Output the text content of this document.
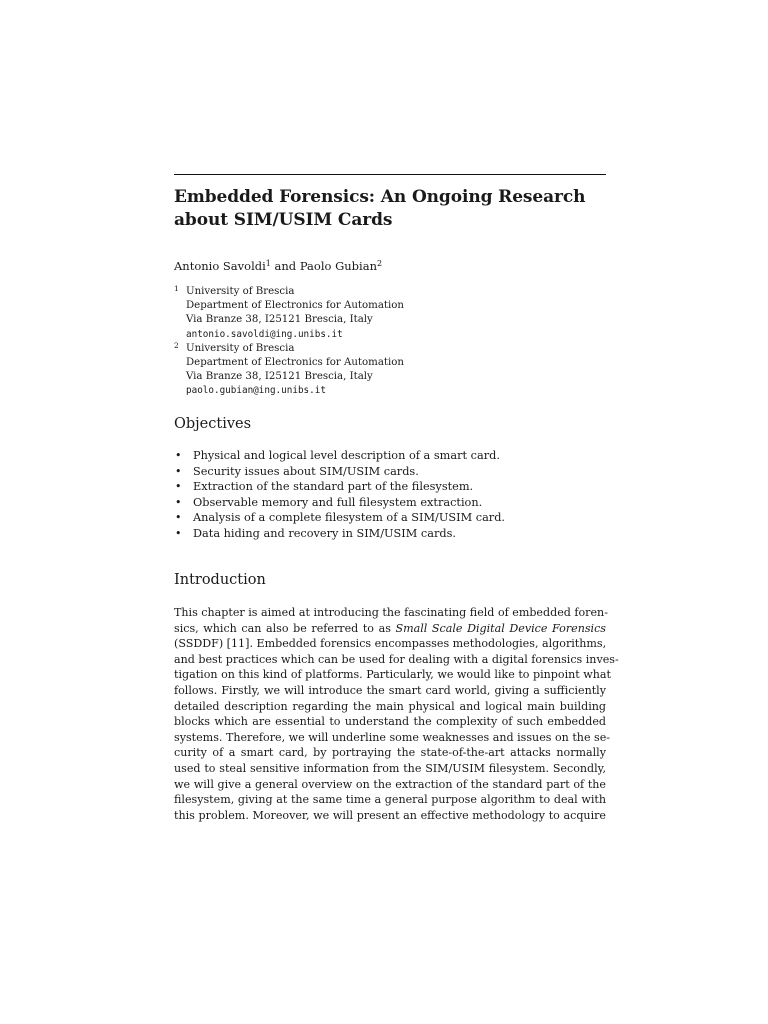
Embedded Forensics: An Ongoing Research
about SIM/USIM Cards
Antonio Savoldi$^1$ and Paolo Gubian$^2$
1 University of Brescia
Department of Electronics for Automation
Via Branze 38, I25121 Brescia, Italy
antonio.savoldi@ing.unibs.it
2 University of Brescia
Department of Electronics for Automation
Via Branze 38, I25121 Brescia, Italy
paolo.gubian@ing.unibs.it
Objectives
• Physical and logical level description of a smart card.
• Security issues about SIM/USIM cards.
• Extraction of the standard part of the filesystem.
• Observable memory and full filesystem extraction.
• Analysis of a complete filesystem of a SIM/USIM card.
• Data hiding and recovery in SIM/USIM cards.
Introduction

This chapter is aimed at introducing the fascinating field of embedded foren-
sics, which can also be referred to as Small Scale Digital Device Forensics
(SSDDF) [11]. Embedded forensics encompasses methodologies, algorithms,
and best practices which can be used for dealing with a digital forensics inves-
tigation on this kind of platforms. Particularly, we would like to pinpoint what
follows. Firstly, we will introduce the smart card world, giving a sufficiently
detailed description regarding the main physical and logical main building
blocks which are essential to understand the complexity of such embedded
systems. Therefore, we will underline some weaknesses and issues on the se-
curity of a smart card, by portraying the state-of-the-art attacks normally
used to steal sensitive information from the SIM/USIM filesystem. Secondly,
we will give a general overview on the extraction of the standard part of the
filesystem, giving at the same time a general purpose algorithm to deal with
this problem. Moreover, we will present an effective methodology to acquire
